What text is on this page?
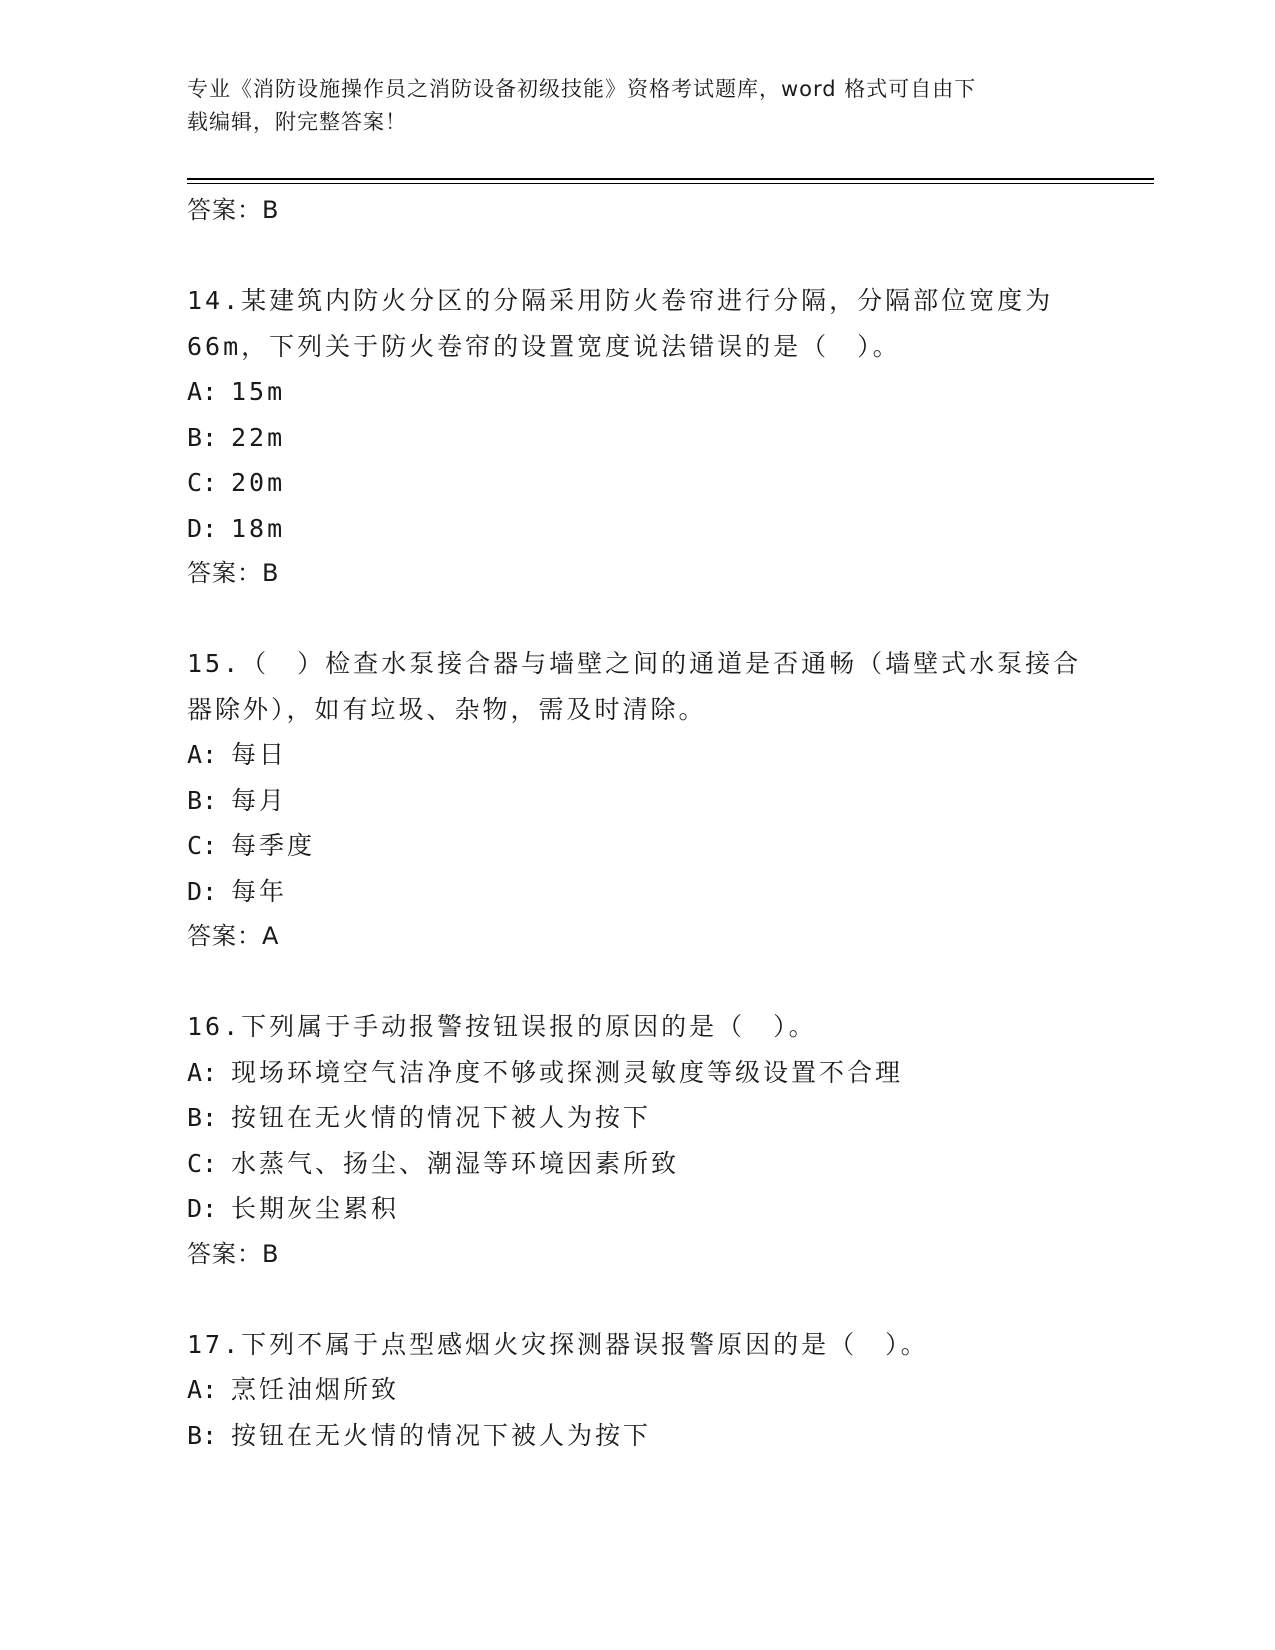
专业《消防设施操作员之消防设备初级技能》资格考试题库，word 格式可自由下
载编辑，附完整答案！
答案：B
14.某建筑内防火分区的分隔采用防火卷帘进行分隔，分隔部位宽度为66m，下列关于防火卷帘的设置宽度说法错误的是（　）。
A: 15m
B: 22m
C: 20m
D: 18m
答案：B
15.（　）检查水泵接合器与墙壁之间的通道是否通畅（墙壁式水泵接合器除外），如有垃圾、杂物，需及时清除。
A: 每日
B: 每月
C: 每季度
D: 每年
答案：A
16.下列属于手动报警按钮误报的原因的是（　）。
A: 现场环境空气洁净度不够或探测灵敏度等级设置不合理
B: 按钮在无火情的情况下被人为按下
C: 水蒸气、扬尘、潮湿等环境因素所致
D: 长期灰尘累积
答案：B
17.下列不属于点型感烟火灾探测器误报警原因的是（　）。
A: 烹饪油烟所致
B: 按钮在无火情的情况下被人为按下
